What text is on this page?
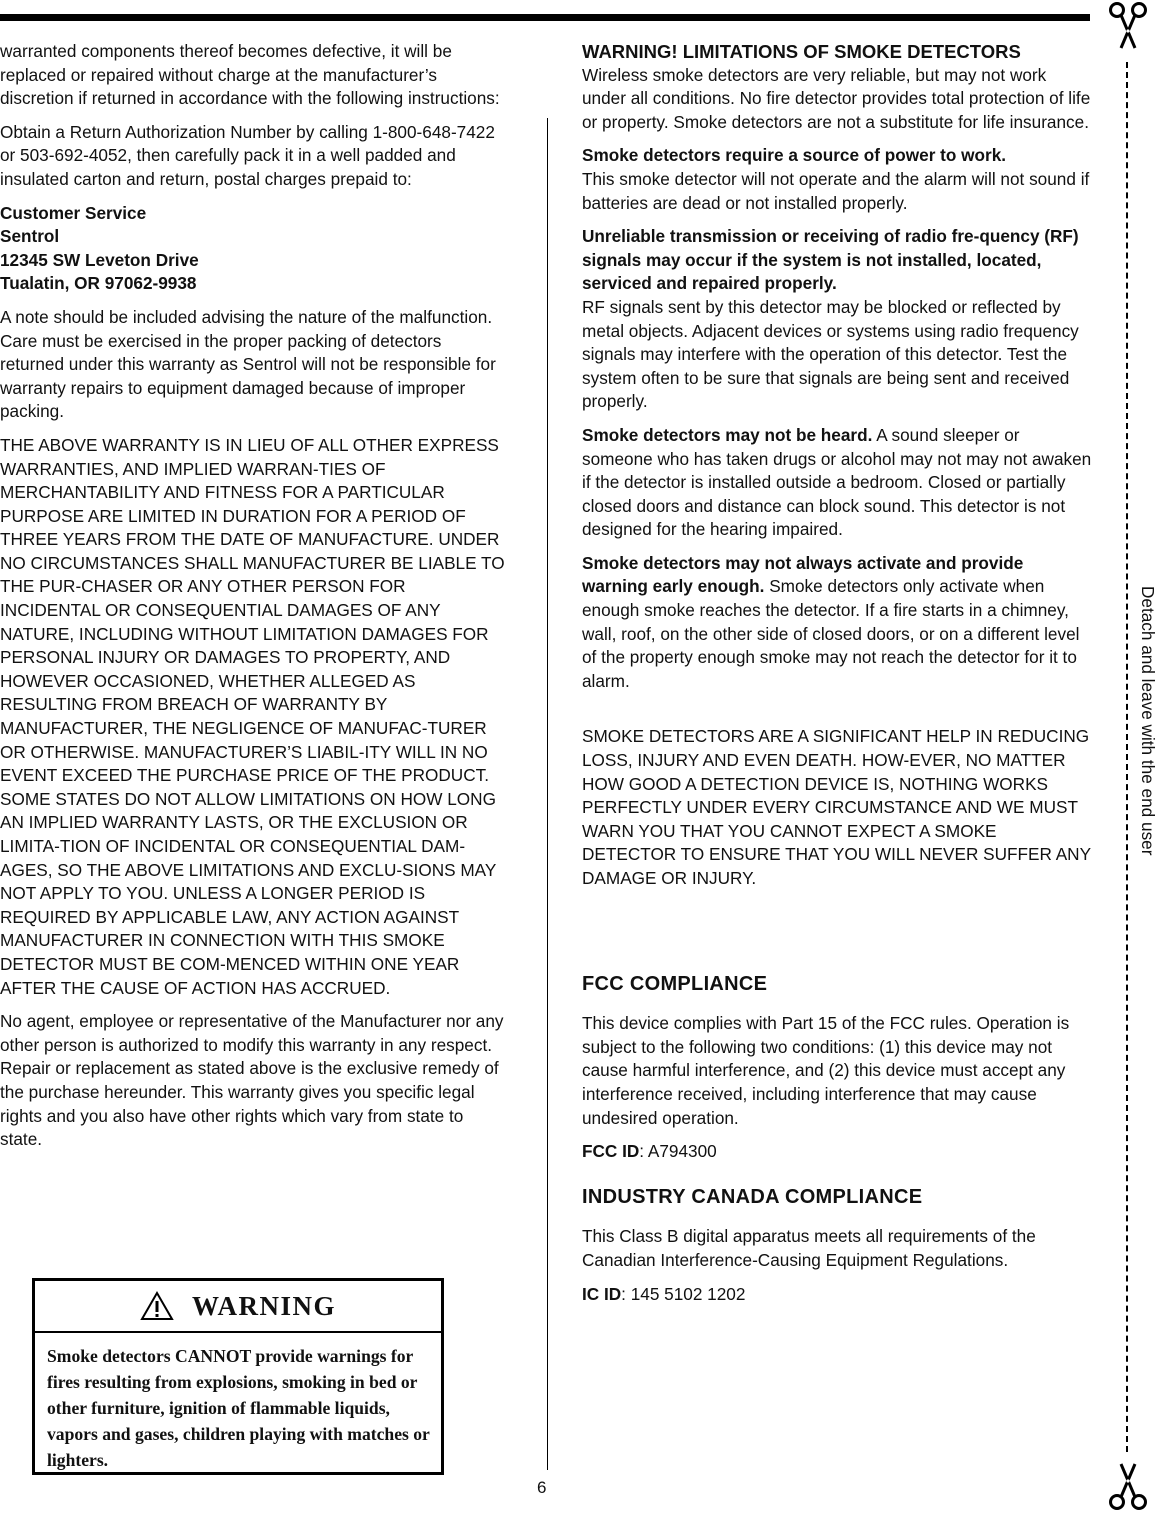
warranted components thereof becomes defective, it will be replaced or repaired without charge at the manufacturer’s discretion if returned in accordance with the following instructions:

Obtain a Return Authorization Number by calling 1-800-648-7422 or 503-692-4052, then carefully pack it in a well padded and insulated carton and return, postal charges prepaid to:

Customer Service
Sentrol
12345 SW Leveton Drive
Tualatin, OR 97062-9938

A note should be included advising the nature of the malfunction. Care must be exercised in the proper packing of detectors returned under this warranty as Sentrol will not be responsible for warranty repairs to equipment damaged because of improper packing.

THE ABOVE WARRANTY IS IN LIEU OF ALL OTHER EXPRESS WARRANTIES, AND IMPLIED WARRAN-TIES OF MERCHANTABILITY AND FITNESS FOR A PARTICULAR PURPOSE ARE LIMITED IN DURATION FOR A PERIOD OF THREE YEARS FROM THE DATE OF MANUFACTURE. UNDER NO CIRCUMSTANCES SHALL MANUFACTURER BE LIABLE TO THE PUR-CHASER OR ANY OTHER PERSON FOR INCIDENTAL OR CONSEQUENTIAL DAMAGES OF ANY NATURE, INCLUDING WITHOUT LIMITATION DAMAGES FOR PERSONAL INJURY OR DAMAGES TO PROPERTY, AND HOWEVER OCCASIONED, WHETHER ALLEGED AS RESULTING FROM BREACH OF WARRANTY BY MANUFACTURER, THE NEGLIGENCE OF MANUFAC-TURER OR OTHERWISE. MANUFACTURER’S LIABIL-ITY WILL IN NO EVENT EXCEED THE PURCHASE PRICE OF THE PRODUCT. SOME STATES DO NOT ALLOW LIMITATIONS ON HOW LONG AN IMPLIED WARRANTY LASTS, OR THE EXCLUSION OR LIMITA-TION OF INCIDENTAL OR CONSEQUENTIAL DAM-AGES, SO THE ABOVE LIMITATIONS AND EXCLU-SIONS MAY NOT APPLY TO YOU. UNLESS A LONGER PERIOD IS REQUIRED BY APPLICABLE LAW, ANY ACTION AGAINST MANUFACTURER IN CONNECTION WITH THIS SMOKE DETECTOR MUST BE COM-MENCED WITHIN ONE YEAR AFTER THE CAUSE OF ACTION HAS ACCRUED.

No agent, employee or representative of the Manufacturer nor any other person is authorized to modify this warranty in any respect. Repair or replacement as stated above is the exclusive remedy of the purchase hereunder. This warranty gives you specific legal rights and you also have other rights which vary from state to state.

WARNING
Smoke detectors CANNOT provide warnings for fires resulting from explosions, smoking in bed or other furniture, ignition of flammable liquids, vapors and gases, children playing with matches or lighters.
WARNING! LIMITATIONS OF SMOKE DETECTORS

Wireless smoke detectors are very reliable, but may not work under all conditions. No fire detector provides total protection of life or property. Smoke detectors are not a substitute for life insurance.

Smoke detectors require a source of power to work.
This smoke detector will not operate and the alarm will not sound if batteries are dead or not installed properly.

Unreliable transmission or receiving of radio fre-quency (RF) signals may occur if the system is not installed, located, serviced and repaired properly.
RF signals sent by this detector may be blocked or reflected by metal objects. Adjacent devices or systems using radio frequency signals may interfere with the operation of this detector. Test the system often to be sure that signals are being sent and received properly.

Smoke detectors may not be heard. A sound sleeper or someone who has taken drugs or alcohol may not may not awaken if the detector is installed outside a bedroom. Closed or partially closed doors and distance can block sound. This detector is not designed for the hearing impaired.

Smoke detectors may not always activate and provide warning early enough. Smoke detectors only activate when enough smoke reaches the detector. If a fire starts in a chimney, wall, roof, on the other side of closed doors, or on a different level of the property enough smoke may not reach the detector for it to alarm.

SMOKE DETECTORS ARE A SIGNIFICANT HELP IN REDUCING LOSS, INJURY AND EVEN DEATH. HOW-EVER, NO MATTER HOW GOOD A DETECTION DEVICE IS, NOTHING WORKS PERFECTLY UNDER EVERY CIRCUMSTANCE AND WE MUST WARN YOU THAT YOU CANNOT EXPECT A SMOKE DETECTOR TO ENSURE THAT YOU WILL NEVER SUFFER ANY DAMAGE OR INJURY.

FCC COMPLIANCE

This device complies with Part 15 of the FCC rules. Operation is subject to the following two conditions: (1) this device may not cause harmful interference, and (2) this device must accept any interference received, including interference that may cause undesired operation.

FCC ID: A794300

INDUSTRY CANADA COMPLIANCE

This Class B digital apparatus meets all requirements of the Canadian Interference-Causing Equipment Regulations.

IC ID: 145 5102 1202

6
Detach and leave with the end user
